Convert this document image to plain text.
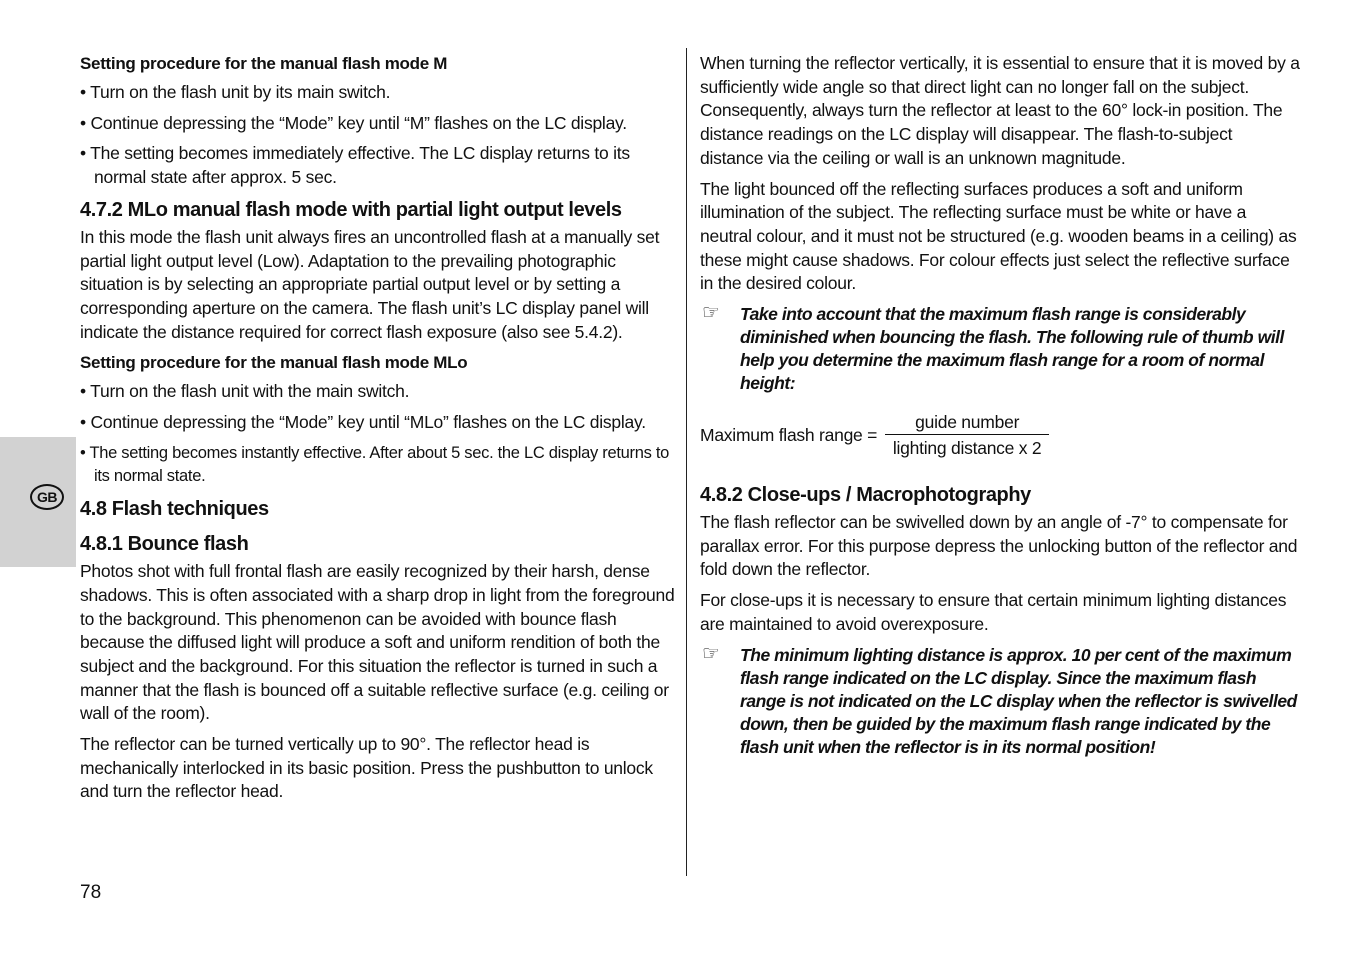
GB

Setting procedure for the manual flash mode M

• Turn on the flash unit by its main switch.

• Continue depressing the “Mode” key until “M” flashes on the LC display.

• The setting becomes immediately effective. The LC display returns to its normal state after approx. 5 sec.

4.7.2 MLo manual flash mode with partial light output levels

In this mode the flash unit always fires an uncontrolled flash at a manually set partial light output level (Low). Adaptation to the prevailing photographic situation is by selecting an appropriate partial output level or by setting a corresponding aperture on the camera. The flash unit’s LC display panel will indicate the distance required for correct flash exposure (also see 5.4.2).

Setting procedure for the manual flash mode MLo

• Turn on the flash unit with the main switch.

• Continue depressing the “Mode” key until “MLo” flashes on the LC display.

• The setting becomes instantly effective. After about 5 sec. the LC display returns to its normal state.

4.8 Flash techniques

4.8.1 Bounce flash

Photos shot with full frontal flash are easily recognized by their harsh, dense shadows. This is often associated with a sharp drop in light from the foreground to the background. This phenomenon can be avoided with bounce flash because the diffused light will produce a soft and uniform rendition of both the subject and the background. For this situation the reflector is turned in such a manner that the flash is bounced off a suitable reflective surface (e.g. ceiling or wall of the room).

The reflector can be turned vertically up to 90°. The reflector head is mechanically interlocked in its basic position. Press the pushbutton to unlock and turn the reflector head.

When turning the reflector vertically, it is essential to ensure that it is moved by a sufficiently wide angle so that direct light can no longer fall on the subject. Consequently, always turn the reflector at least to the 60° lock-in position. The distance readings on the LC display will disappear. The flash-to-subject distance via the ceiling or wall is an unknown magnitude.

The light bounced off the reflecting surfaces produces a soft and uniform illumination of the subject. The reflecting surface must be white or have a neutral colour, and it must not be structured (e.g. wooden beams in a ceiling) as these might cause shadows. For colour effects just select the reflective surface in the desired colour.

☞ Take into account that the maximum flash range is considerably diminished when bouncing the flash. The following rule of thumb will help you determine the maximum flash range for a room of normal height:

Maximum flash range = $\frac{\text{guide number}}{\text{lighting distance x 2}}$

4.8.2 Close-ups / Macrophotography

The flash reflector can be swivelled down by an angle of -7° to compensate for parallax error. For this purpose depress the unlocking button of the reflector and fold down the reflector.

For close-ups it is necessary to ensure that certain minimum lighting distances are maintained to avoid overexposure.

☞ The minimum lighting distance is approx. 10 per cent of the maximum flash range indicated on the LC display. Since the maximum flash range is not indicated on the LC display when the reflector is swivelled down, then be guided by the maximum flash range indicated by the flash unit when the reflector is in its normal position!

78
